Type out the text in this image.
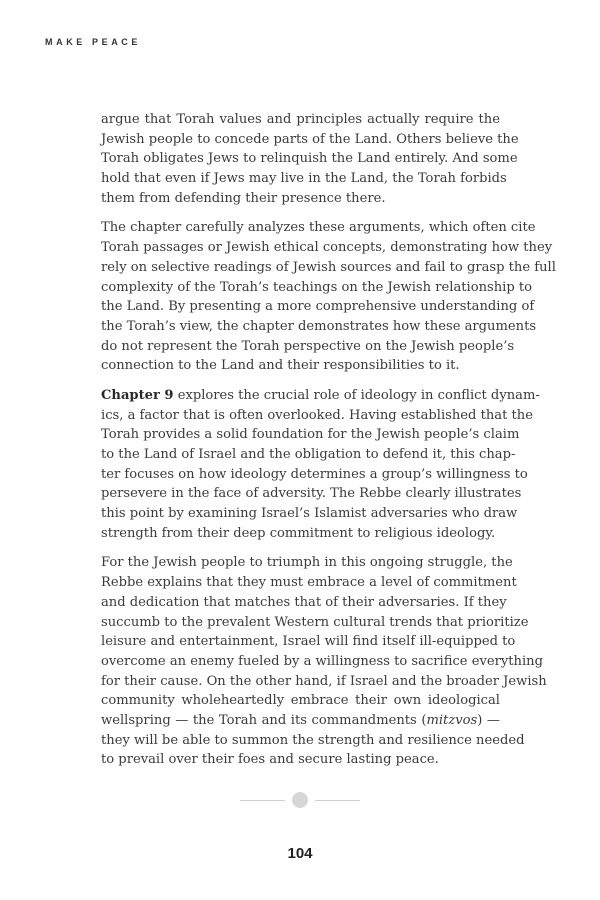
MAKE PEACE
argue that Torah values and principles actually require the
Jewish people to concede parts of the Land. Others believe the
Torah obligates Jews to relinquish the Land entirely. And some
hold that even if Jews may live in the Land, the Torah forbids
them from defending their presence there.
The chapter carefully analyzes these arguments, which often cite
Torah passages or Jewish ethical concepts, demonstrating how they
rely on selective readings of Jewish sources and fail to grasp the full
complexity of the Torah’s teachings on the Jewish relationship to
the Land. By presenting a more comprehensive understanding of
the Torah’s view, the chapter demonstrates how these arguments
do not represent the Torah perspective on the Jewish people’s
connection to the Land and their responsibilities to it.
Chapter 9 explores the crucial role of ideology in conflict dynam-
ics, a factor that is often overlooked. Having established that the
Torah provides a solid foundation for the Jewish people’s claim
to the Land of Israel and the obligation to defend it, this chap-
ter focuses on how ideology determines a group’s willingness to
persevere in the face of adversity. The Rebbe clearly illustrates
this point by examining Israel’s Islamist adversaries who draw
strength from their deep commitment to religious ideology.
For the Jewish people to triumph in this ongoing struggle, the
Rebbe explains that they must embrace a level of commitment
and dedication that matches that of their adversaries. If they
succumb to the prevalent Western cultural trends that prioritize
leisure and entertainment, Israel will find itself ill-equipped to
overcome an enemy fueled by a willingness to sacrifice everything
for their cause. On the other hand, if Israel and the broader Jewish
community wholeheartedly embrace their own ideological
wellspring — the Torah and its commandments (mitzvos) —
they will be able to summon the strength and resilience needed
to prevail over their foes and secure lasting peace.
104
